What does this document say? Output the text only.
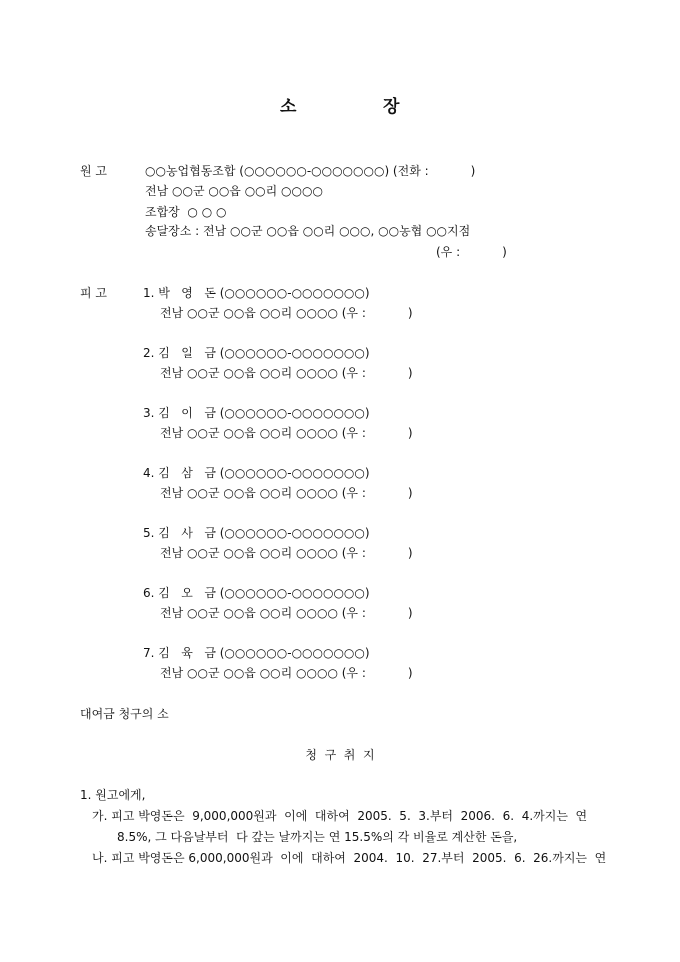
소	장
원 고	○○농업협동조합 (○○○○○○-○○○○○○○) (전화 :           )
전남 ○○군 ○○읍 ○○리 ○○○○
조합장  ○ ○ ○
송달장소 : 전남 ○○군 ○○읍 ○○리 ○○○, ○○농협 ○○지점
(우 :           )
피 고	1. 박   영   돈 (○○○○○○-○○○○○○○)
전남 ○○군 ○○읍 ○○리 ○○○○ (우 :           )
2. 김   일   금 (○○○○○○-○○○○○○○)
전남 ○○군 ○○읍 ○○리 ○○○○ (우 :           )
3. 김   이   금 (○○○○○○-○○○○○○○)
전남 ○○군 ○○읍 ○○리 ○○○○ (우 :           )
4. 김   삼   금 (○○○○○○-○○○○○○○)
전남 ○○군 ○○읍 ○○리 ○○○○ (우 :           )
5. 김   사   금 (○○○○○○-○○○○○○○)
전남 ○○군 ○○읍 ○○리 ○○○○ (우 :           )
6. 김   오   금 (○○○○○○-○○○○○○○)
전남 ○○군 ○○읍 ○○리 ○○○○ (우 :           )
7. 김   육   금 (○○○○○○-○○○○○○○)
전남 ○○군 ○○읍 ○○리 ○○○○ (우 :           )
대여금 청구의 소
청  구  취  지
1. 원고에게,
가. 피고 박영돈은  9,000,000원과  이에  대하여  2005.  5.  3.부터  2006.  6.  4.까지는  연
8.5%, 그 다음날부터  다 갚는 날까지는 연 15.5%의 각 비율로 계산한 돈을,
나. 피고 박영돈은 6,000,000원과  이에  대하여  2004.  10.  27.부터  2005.  6.  26.까지는  연
